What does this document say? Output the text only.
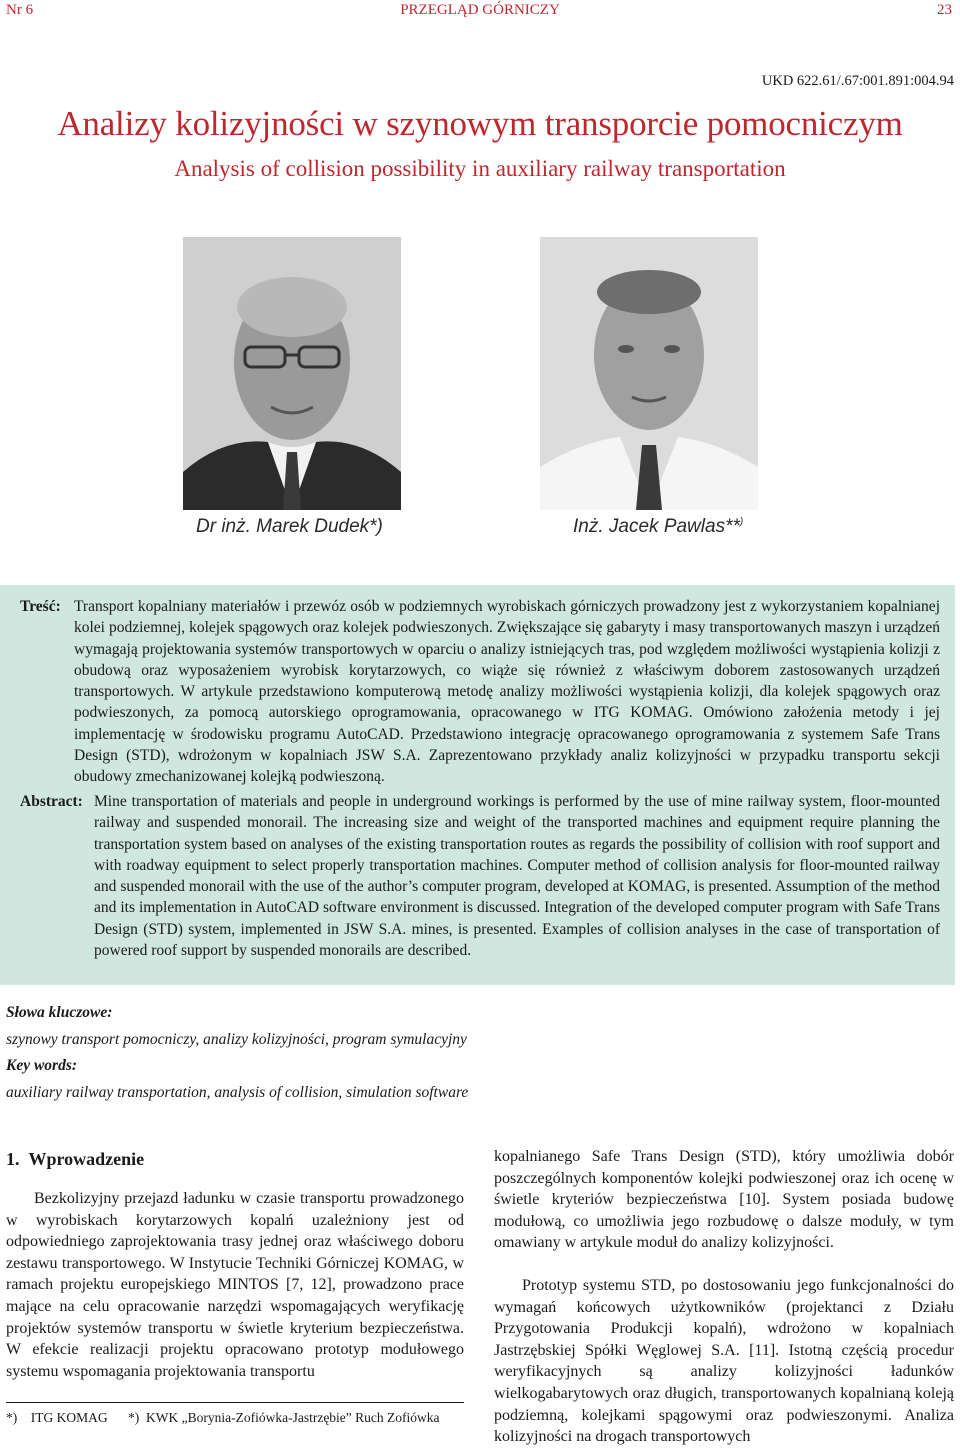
Nr 6	PRZEGLĄD GÓRNICZY	23
UKD 622.61/.67:001.891:004.94
Analizy kolizyjności w szynowym transporcie pomocniczym
Analysis of collision possibility in auxiliary railway transportation
Dr inż. Marek Dudek*)	Inż. Jacek Pawlas**)
Treść: Transport kopalniany materiałów i przewóz osób w podziemnych wyrobiskach górniczych prowadzony jest z wykorzystaniem kopalnianej kolei podziemnej, kolejek spągowych oraz kolejek podwieszonych. Zwiększające się gabaryty i masy transportowanych maszyn i urządzeń wymagają projektowania systemów transportowych w oparciu o analizy istniejących tras, pod względem możliwości wystąpienia kolizji z obudową oraz wyposażeniem wyrobisk korytarzowych, co wiąże się również z właściwym doborem zastosowanych urządzeń transportowych. W artykule przedstawiono komputerową metodę analizy możliwości wystąpienia kolizji, dla kolejek spągowych oraz podwieszonych, za pomocą autorskiego oprogramowania, opracowanego w ITG KOMAG. Omówiono założenia metody i jej implementację w środowisku programu AutoCAD. Przedstawiono integrację opracowanego oprogramowania z systemem Safe Trans Design (STD), wdrożonym w kopalniach JSW S.A. Zaprezentowano przykłady analiz kolizyjności w przypadku transportu sekcji obudowy zmechanizowanej kolejką podwieszoną.
Abstract: Mine transportation of materials and people in underground workings is performed by the use of mine railway system, floor-mounted railway and suspended monorail. The increasing size and weight of the transported machines and equipment require planning the transportation system based on analyses of the existing transportation routes as regards the possibility of collision with roof support and with roadway equipment to select properly transportation machines. Computer method of collision analysis for floor-mounted railway and suspended monorail with the use of the author’s computer program, developed at KOMAG, is presented. Assumption of the method and its implementation in AutoCAD software environment is discussed. Integration of the developed computer program with Safe Trans Design (STD) system, implemented in JSW S.A. mines, is presented. Examples of collision analyses in the case of transportation of powered roof support by suspended monorails are described.
Słowa kluczowe:
szynowy transport pomocniczy, analizy kolizyjności, program symulacyjny
Key words:
auxiliary railway transportation, analysis of collision, simulation software
1. Wprowadzenie
Bezkolizyjny przejazd ładunku w czasie transportu prowadzonego w wyrobiskach korytarzowych kopalń uzależniony jest od odpowiedniego zaprojektowania trasy jednej oraz właściwego doboru zestawu transportowego. W Instytucie Techniki Górniczej KOMAG, w ramach projektu europejskiego MINTOS [7, 12], prowadzono prace mające na celu opracowanie narzędzi wspomagających weryfikację projektów systemów transportu w świetle kryterium bezpieczeństwa. W efekcie realizacji projektu opracowano prototyp modułowego systemu wspomagania projektowania transportu
kopalnianego Safe Trans Design (STD), który umożliwia dobór poszczególnych komponentów kolejki podwieszonej oraz ich ocenę w świetle kryteriów bezpieczeństwa [10]. System posiada budowę modułową, co umożliwia jego rozbudowę o dalsze moduły, w tym omawiany w artykule moduł do analizy kolizyjności.
Prototyp systemu STD, po dostosowaniu jego funkcjonalności do wymagań końcowych użytkowników (projektanci z Działu Przygotowania Produkcji kopalń), wdrożono w kopalniach Jastrzębskiej Spółki Węglowej S.A. [11]. Istotną częścią procedur weryfikacyjnych są analizy kolizyjności ładunków wielkogabarytowych oraz długich, transportowanych kopalnianą koleją podziemną, kolejkami spągowymi oraz podwieszonymi. Analiza kolizyjności na drogach transportowych
*) ITG KOMAG *) KWK „Borynia-Zofiówka-Jastrzębie” Ruch Zofiówka
